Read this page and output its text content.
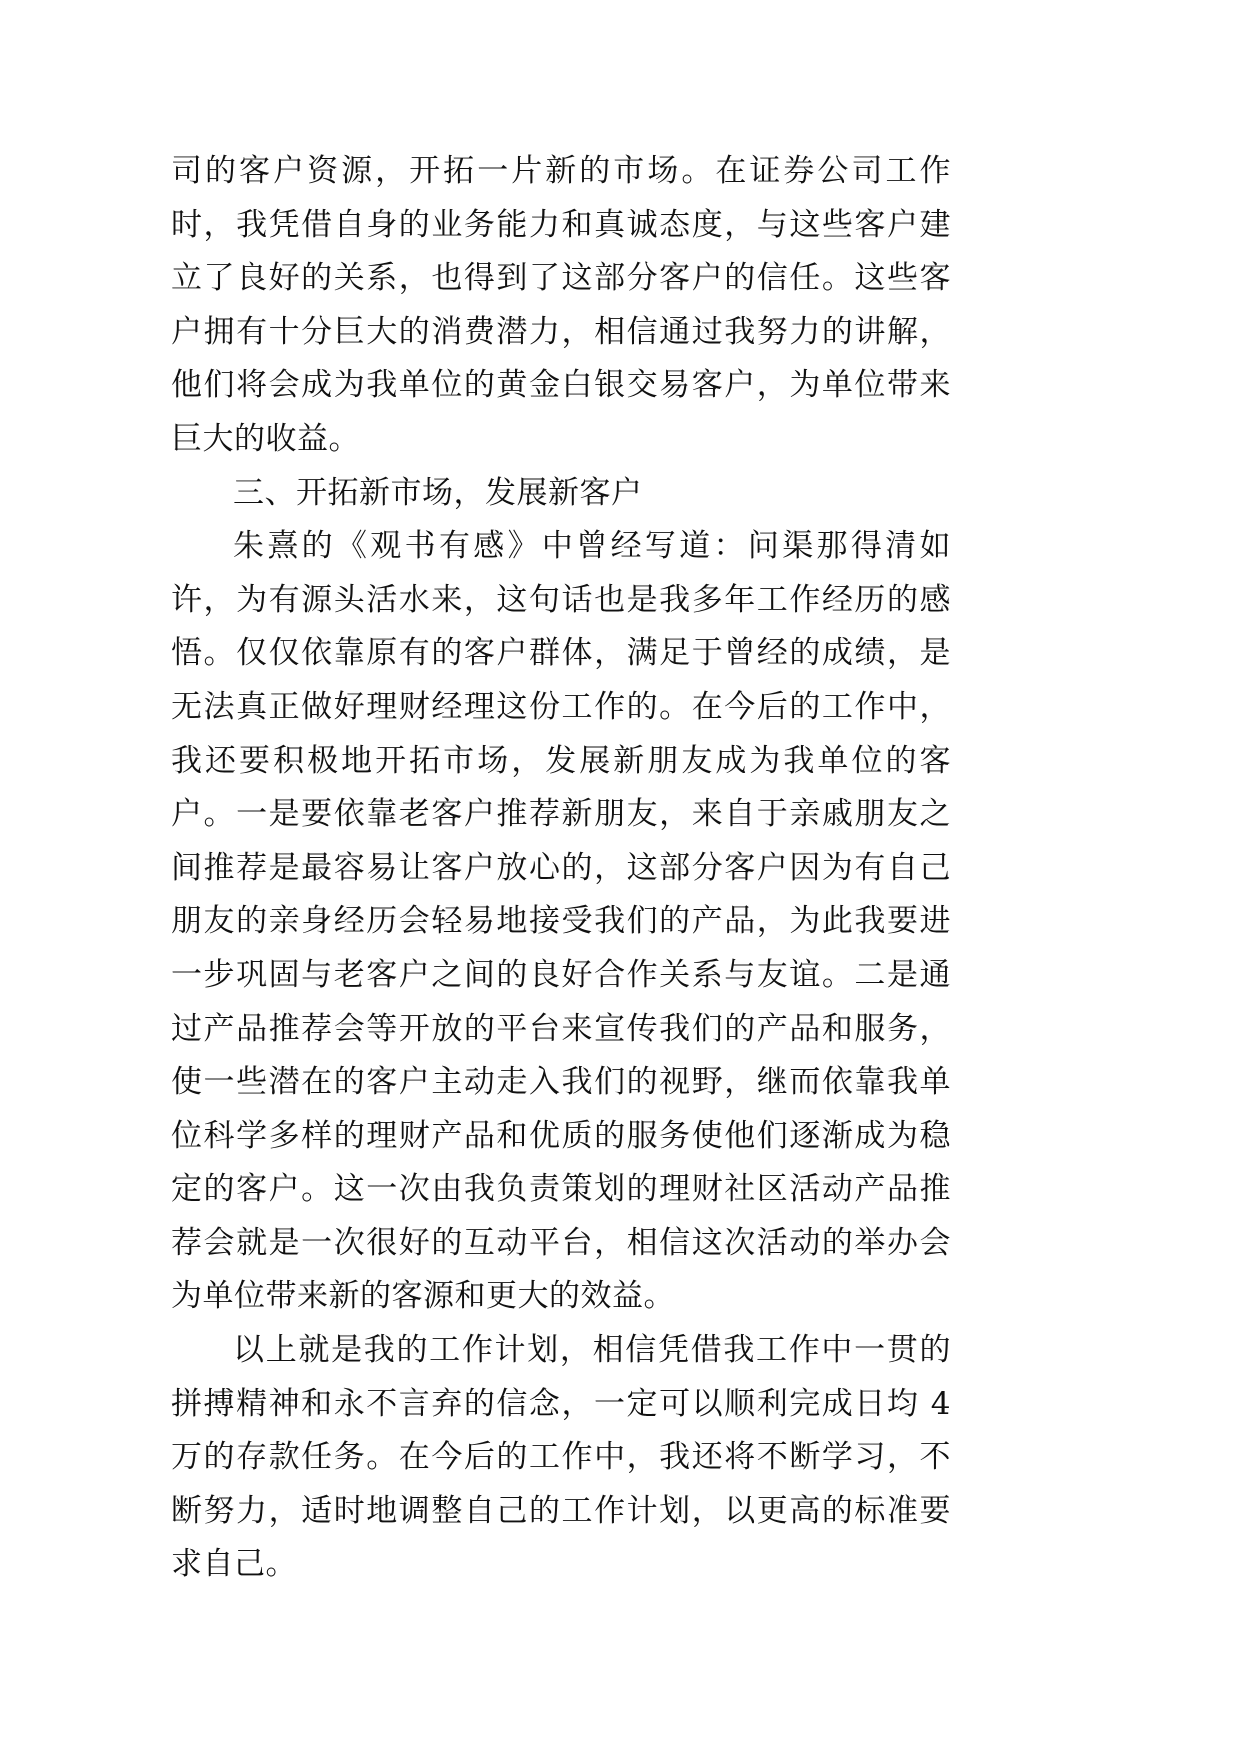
司的客户资源，开拓一片新的市场。在证券公司工作时，我凭借自身的业务能力和真诚态度，与这些客户建立了良好的关系，也得到了这部分客户的信任。这些客户拥有十分巨大的消费潜力，相信通过我努力的讲解，他们将会成为我单位的黄金白银交易客户，为单位带来巨大的收益。

三、开拓新市场，发展新客户

朱熹的《观书有感》中曾经写道：问渠那得清如许，为有源头活水来，这句话也是我多年工作经历的感悟。仅仅依靠原有的客户群体，满足于曾经的成绩，是无法真正做好理财经理这份工作的。在今后的工作中，我还要积极地开拓市场，发展新朋友成为我单位的客户。一是要依靠老客户推荐新朋友，来自于亲戚朋友之间推荐是最容易让客户放心的，这部分客户因为有自己朋友的亲身经历会轻易地接受我们的产品，为此我要进一步巩固与老客户之间的良好合作关系与友谊。二是通过产品推荐会等开放的平台来宣传我们的产品和服务，使一些潜在的客户主动走入我们的视野，继而依靠我单位科学多样的理财产品和优质的服务使他们逐渐成为稳定的客户。这一次由我负责策划的理财社区活动产品推荐会就是一次很好的互动平台，相信这次活动的举办会为单位带来新的客源和更大的效益。

以上就是我的工作计划，相信凭借我工作中一贯的拼搏精神和永不言弃的信念，一定可以顺利完成日均 4 万的存款任务。在今后的工作中，我还将不断学习，不断努力，适时地调整自己的工作计划，以更高的标准要求自己。
